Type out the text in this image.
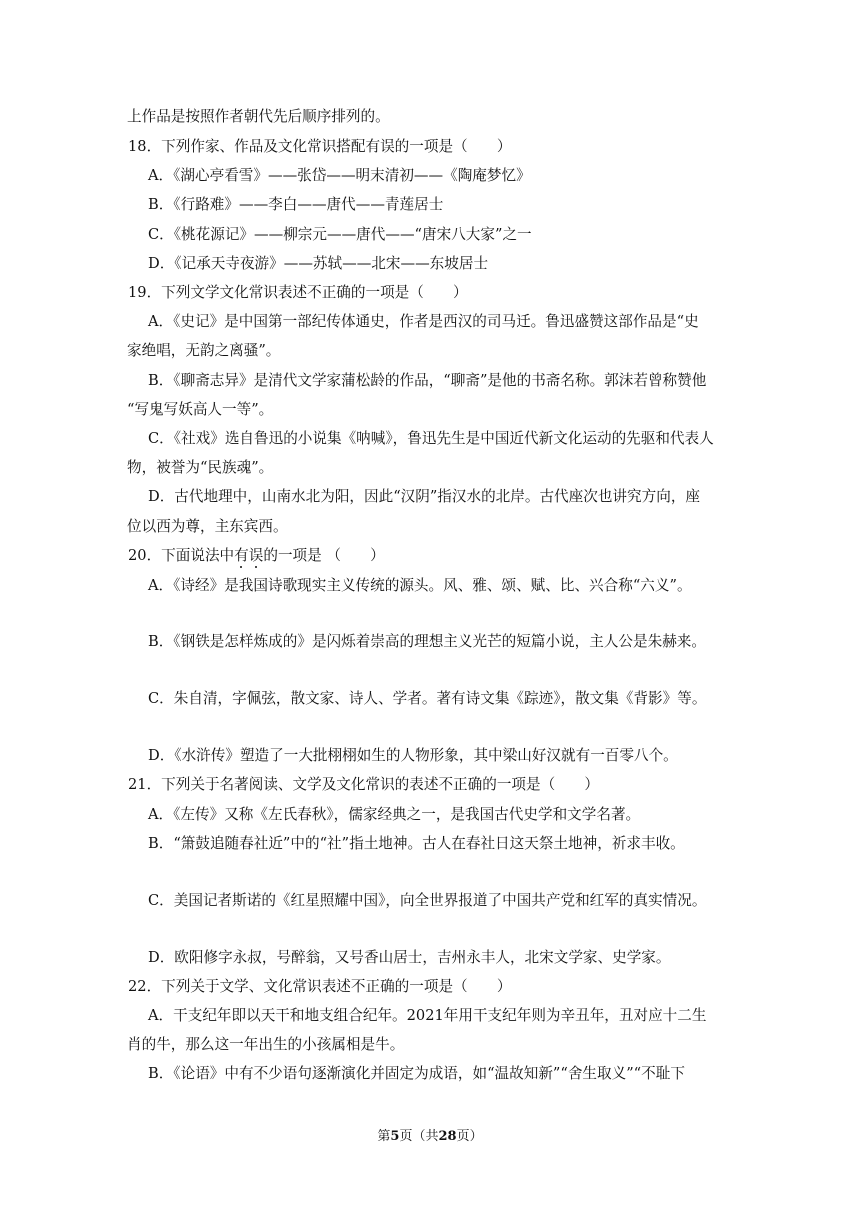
上作品是按照作者朝代先后顺序排列的。
18．下列作家、作品及文化常识搭配有误的一项是（　　）
A．《湖心亭看雪》——张岱——明末清初——《陶庵梦忆》
B．《行路难》——李白——唐代——青莲居士
C．《桃花源记》——柳宗元——唐代——“唐宋八大家”之一
D．《记承天寺夜游》——苏轼——北宋——东坡居士
19．下列文学文化常识表述不正确的一项是（　　）
A．《史记》是中国第一部纪传体通史，作者是西汉的司马迁。鲁迅盛赞这部作品是“史
家绝唱，无韵之离骚”。
B．《聊斋志异》是清代文学家蒲松龄的作品，“聊斋”是他的书斋名称。郭沫若曾称赞他
“写鬼写妖高人一等”。
C．《社戏》选自鲁迅的小说集《呐喊》，鲁迅先生是中国近代新文化运动的先驱和代表人
物，被誉为“民族魂”。
D．古代地理中，山南水北为阳，因此“汉阴”指汉水的北岸。古代座次也讲究方向，座
位以西为尊，主东宾西。
20．下面说法中有误的一项是 （　　）
A．《诗经》是我国诗歌现实主义传统的源头。风、雅、颂、赋、比、兴合称“六义”。
B．《钢铁是怎样炼成的》是闪烁着崇高的理想主义光芒的短篇小说，主人公是朱赫来。
C．朱自清，字佩弦，散文家、诗人、学者。著有诗文集《踪迹》，散文集《背影》等。
D．《水浒传》塑造了一大批栩栩如生的人物形象，其中梁山好汉就有一百零八个。
21．下列关于名著阅读、文学及文化常识的表述不正确的一项是（　　）
A．《左传》又称《左氏春秋》，儒家经典之一，是我国古代史学和文学名著。
B．“箫鼓追随春社近”中的“社”指土地神。古人在春社日这天祭土地神，祈求丰收。
C．美国记者斯诺的《红星照耀中国》，向全世界报道了中国共产党和红军的真实情况。
D．欧阳修字永叔，号醉翁，又号香山居士，吉州永丰人，北宋文学家、史学家。
22．下列关于文学、文化常识表述不正确的一项是（　　）
A．干支纪年即以天干和地支组合纪年。2021年用干支纪年则为辛丑年，丑对应十二生
肖的牛，那么这一年出生的小孩属相是牛。
B．《论语》中有不少语句逐渐演化并固定为成语，如“温故知新”“舍生取义”“不耻下
第5页（共28页）
